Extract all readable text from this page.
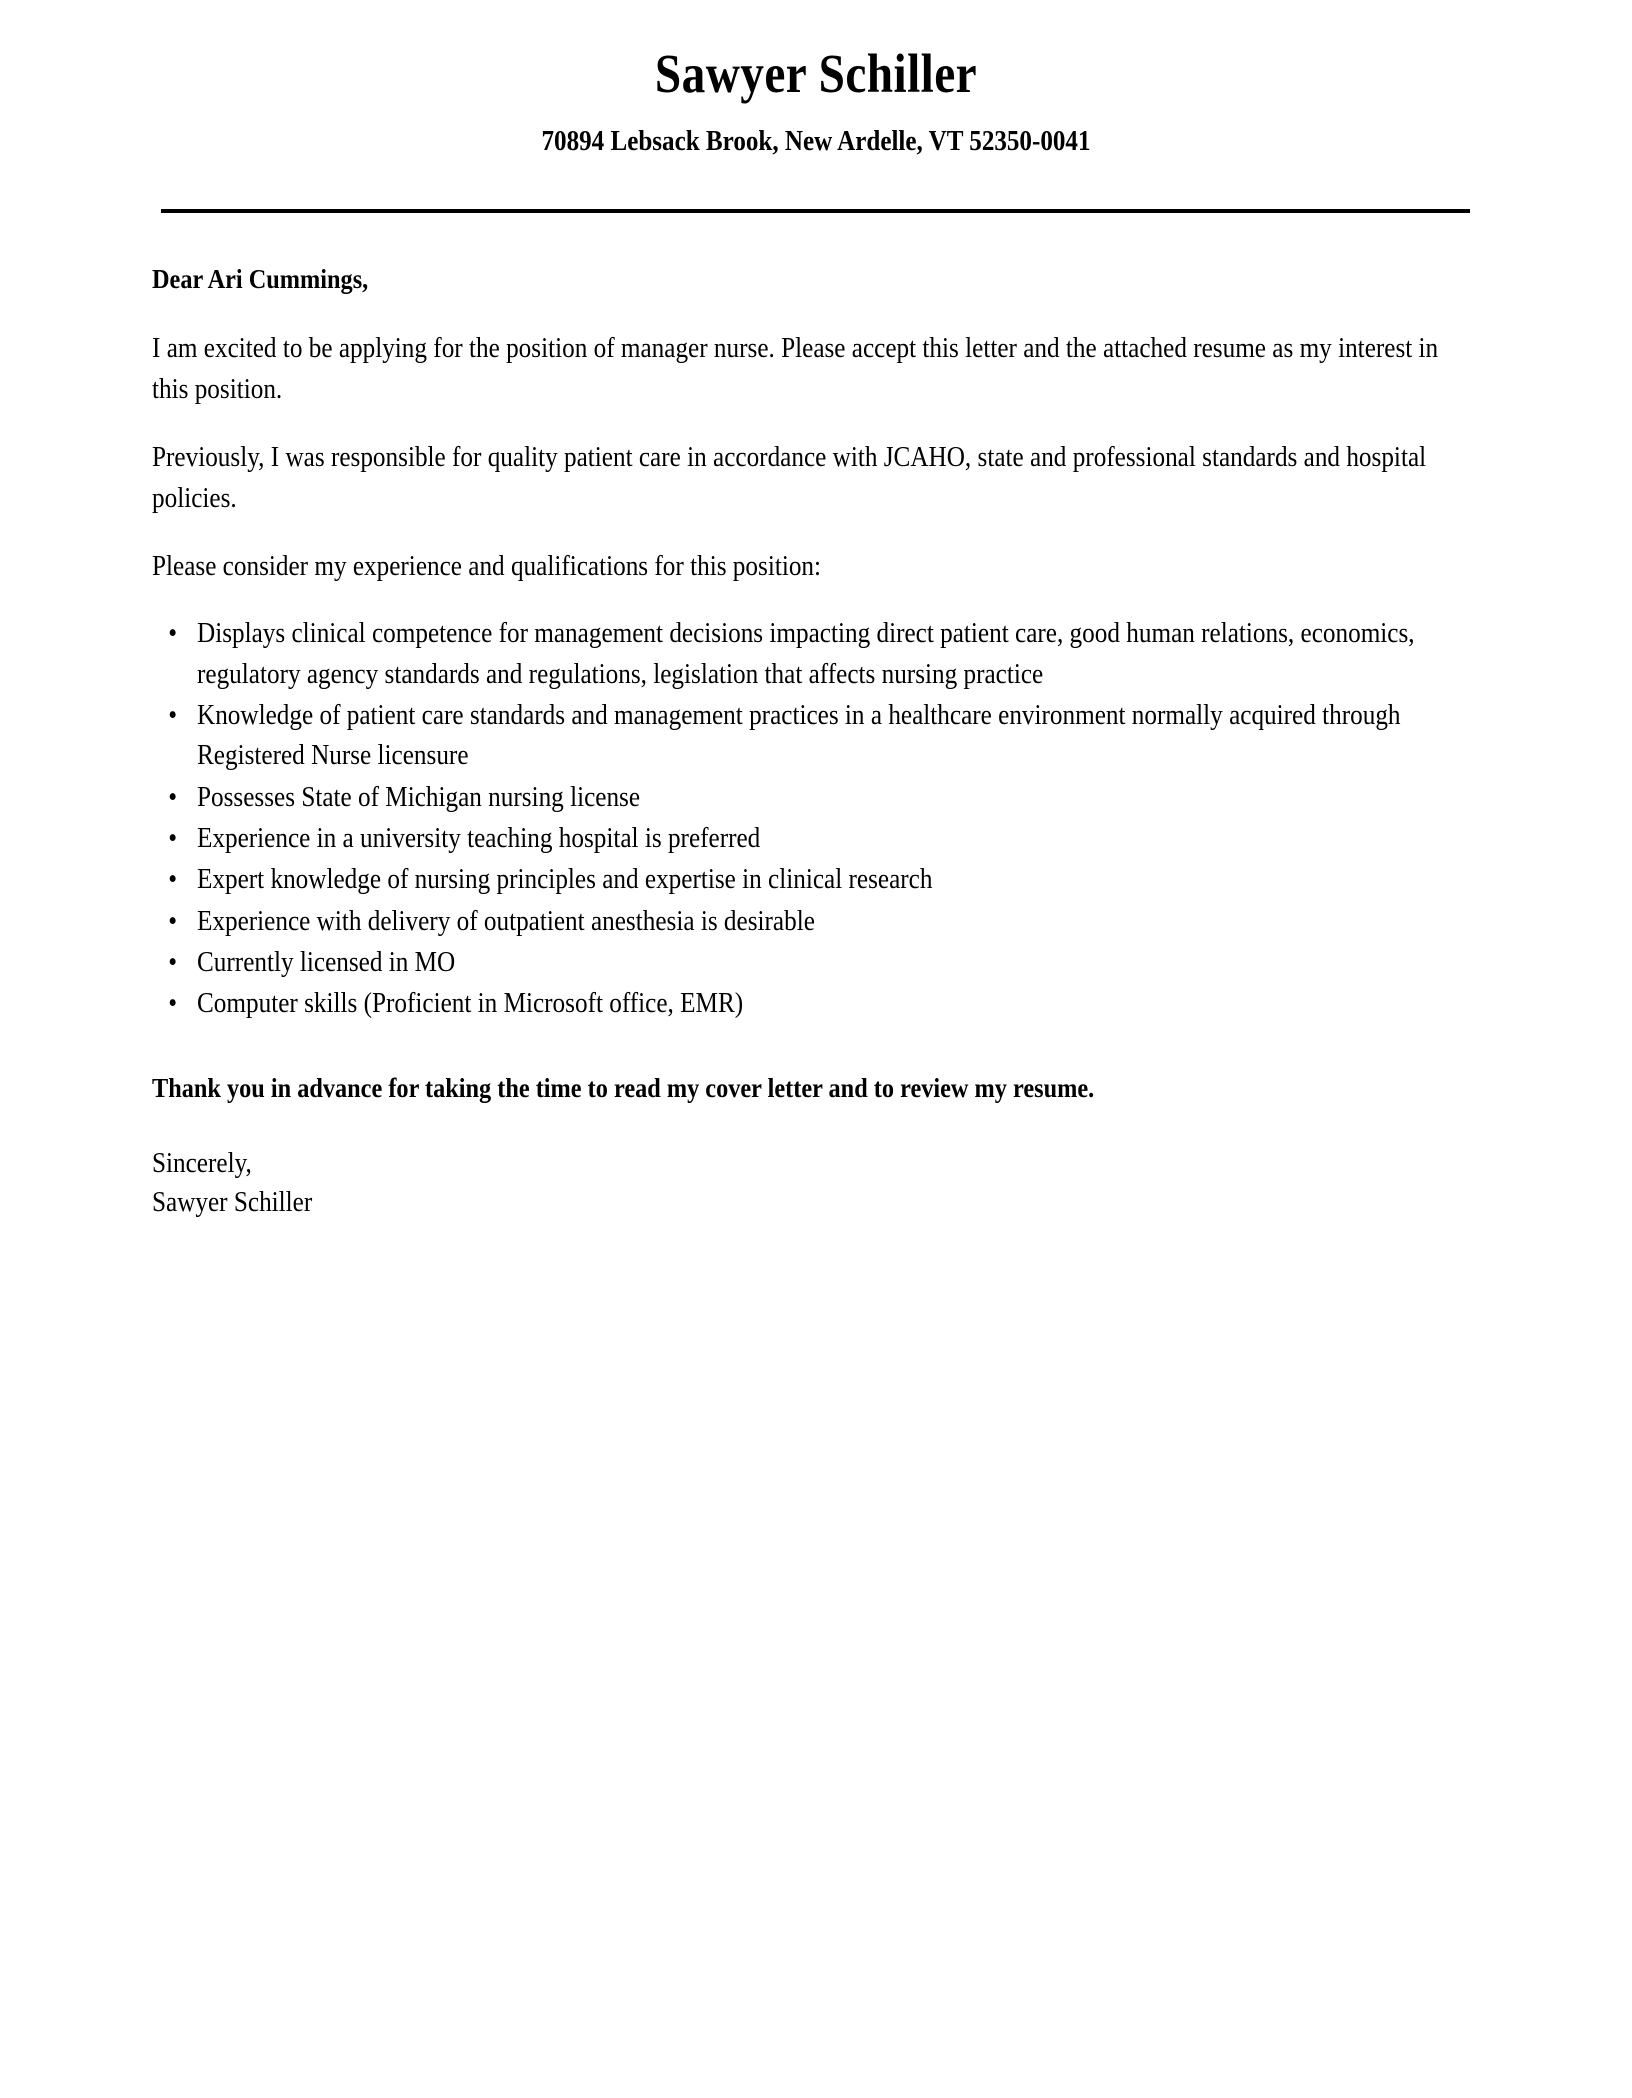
Sawyer Schiller
70894 Lebsack Brook, New Ardelle, VT 52350-0041

Dear Ari Cummings,

I am excited to be applying for the position of manager nurse. Please accept this letter and the attached resume as my interest in this position.

Previously, I was responsible for quality patient care in accordance with JCAHO, state and professional standards and hospital policies.

Please consider my experience and qualifications for this position:

• Displays clinical competence for management decisions impacting direct patient care, good human relations, economics, regulatory agency standards and regulations, legislation that affects nursing practice
• Knowledge of patient care standards and management practices in a healthcare environment normally acquired through Registered Nurse licensure
• Possesses State of Michigan nursing license
• Experience in a university teaching hospital is preferred
• Expert knowledge of nursing principles and expertise in clinical research
• Experience with delivery of outpatient anesthesia is desirable
• Currently licensed in MO
• Computer skills (Proficient in Microsoft office, EMR)

Thank you in advance for taking the time to read my cover letter and to review my resume.

Sincerely,
Sawyer Schiller
